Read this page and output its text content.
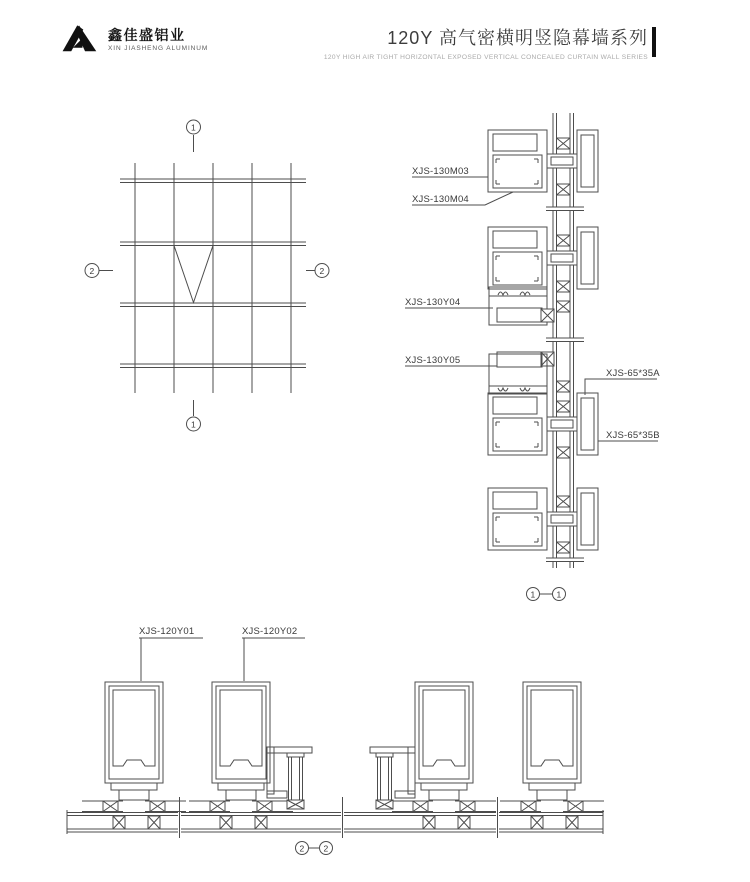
鑫佳盛铝业
XIN JIASHENG ALUMINUM
120Y 高气密横明竖隐幕墙系列
120Y HIGH AIR TIGHT HORIZONTAL EXPOSED VERTICAL CONCEALED CURTAIN WALL SERIES
1
1
2	2
XJS-130M03
XJS-130M04
XJS-130Y04
XJS-130Y05
XJS-65*35A
XJS-65*35B
1 1
XJS-120Y01	XJS-120Y02
2 2
